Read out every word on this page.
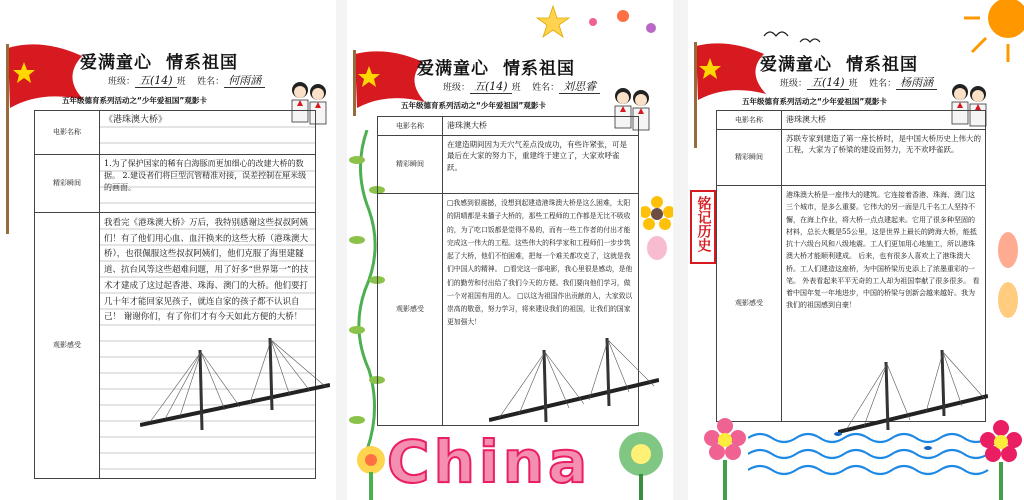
爱满童心 情系祖国
班级： 五(14) 班 姓名： 何雨涵
五年级德育系列活动之“少年爱祖国”观影卡
电影名称	《港珠澳大桥》
精彩瞬间	1.为了保护国家的稀有白海豚而更加细心的改建大桥的数据。 2.建设者们将巨型沉管精准对接，误差控制在厘米级的画面。
观影感受	我看完《港珠澳大桥》万后，我特别感谢这些叔叔阿姨们！有了他们用心血、血汗换来的这些大桥（港珠澳大桥），也很佩服这些叔叔阿姨们，他们克服了海里建隧道、抗台风等这些超难问题，用了好多“世界第一”的技术才建成了这过起香港、珠海、澳门的大桥。他们要打几十年才能回家见孩子，就连自家的孩子都不认识自己！ 谢谢你们，有了你们才有今天如此方便的大桥！
爱满童心 情系祖国
班级： 五(14) 班 姓名： 刘思睿
五年级德育系列活动之“少年爱祖国”观影卡
电影名称	港珠澳大桥
精彩瞬间	在建造期间因为天穴气差点没成功，有些许紧张，可是最后在大家的努力下，重建终于建立了，大家欢呼雀跃。
观影感受	□我感到很震撼，没想到起建造港珠澳大桥是这么困难，太阳的阴晴都是未播子大桥的，那些工程师的工作都是无比不吸收的，为了吃口饭都是觉得不易的，而有一些工作者的付出才能完成这一伟大的工程。这些伟大的科学家和工程师们一步步筑起了大桥，他们不怕困难，把每一个难关都攻克了，这就是我们中国人的精神。 □看完这一部电影，我心里很是感动，是他们的勤劳和付出给了我们今天的方便。我们要向他们学习，做一个对祖国有用的人。 □以这为祖国作出贡献的人，大家致以崇高的敬意，努力学习，将来建设我们的祖国，让我们的国家更加强大！
China
爱满童心 情系祖国
班级： 五(14) 班 姓名： 杨雨涵
五年级德育系列活动之“少年爱祖国”观影卡
铭记历史
电影名称	港珠澳大桥
精彩瞬间	苏联专家到建造了第一座长桥时，是中国大桥历史上伟大的工程，大家为了桥梁的建设而努力，无不欢呼雀跃。
观影感受	港珠澳大桥是一座伟大的建筑。它连接着香港、珠海、澳门这三个城市，是多么重要。它伟大的另一面是几千名工人坚持不懈，在海上作业，将大桥一点点建起来。它用了很多种坚固的材料，总长大概是55公里，这是世界上最长的跨海大桥，能抵抗十六级台风和八级地震。工人们更加用心地施工，所以港珠澳大桥才能顺利建成。 后来，也有很多人喜欢上了港珠澳大桥。工人们建造这座桥，为中国桥梁历史添上了浓墨重彩的一笔。 外表看起来平平无奇的工人却为祖国奉献了很多很多。 看着中国年复一年地进步，中国的桥梁与创新会越来越好。我为我们的祖国感到自豪！
